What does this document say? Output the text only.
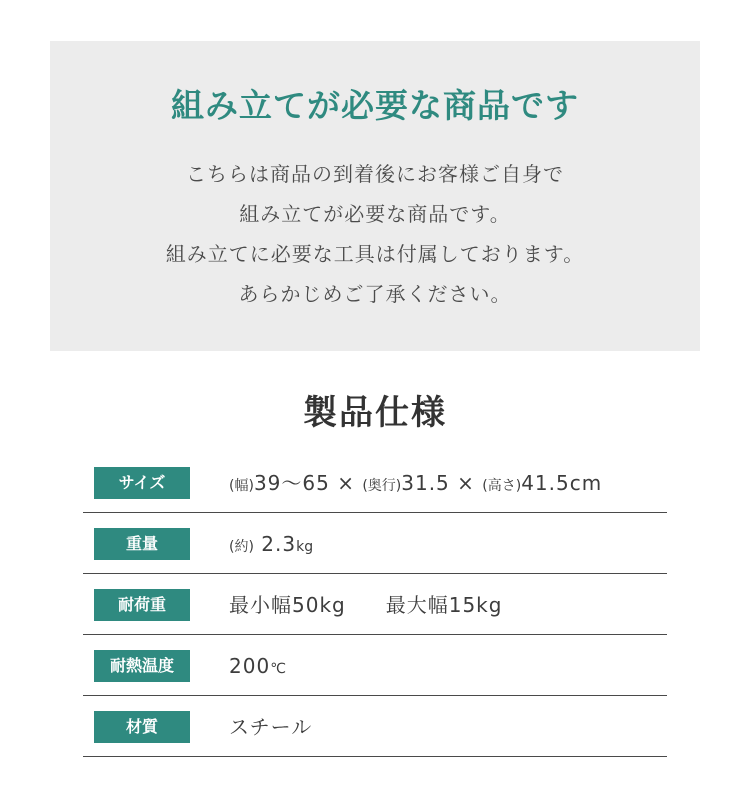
組み立てが必要な商品です
こちらは商品の到着後にお客様ご自身で
組み立てが必要な商品です。
組み立てに必要な工具は付属しております。
あらかじめご了承ください。
製品仕様
サイズ	(幅)39〜65 × (奥行)31.5 × (高さ)41.5cm
重量	(約) 2.3kg
耐荷重	最小幅50kg 最大幅15kg
耐熱温度	200℃
材質	スチール
